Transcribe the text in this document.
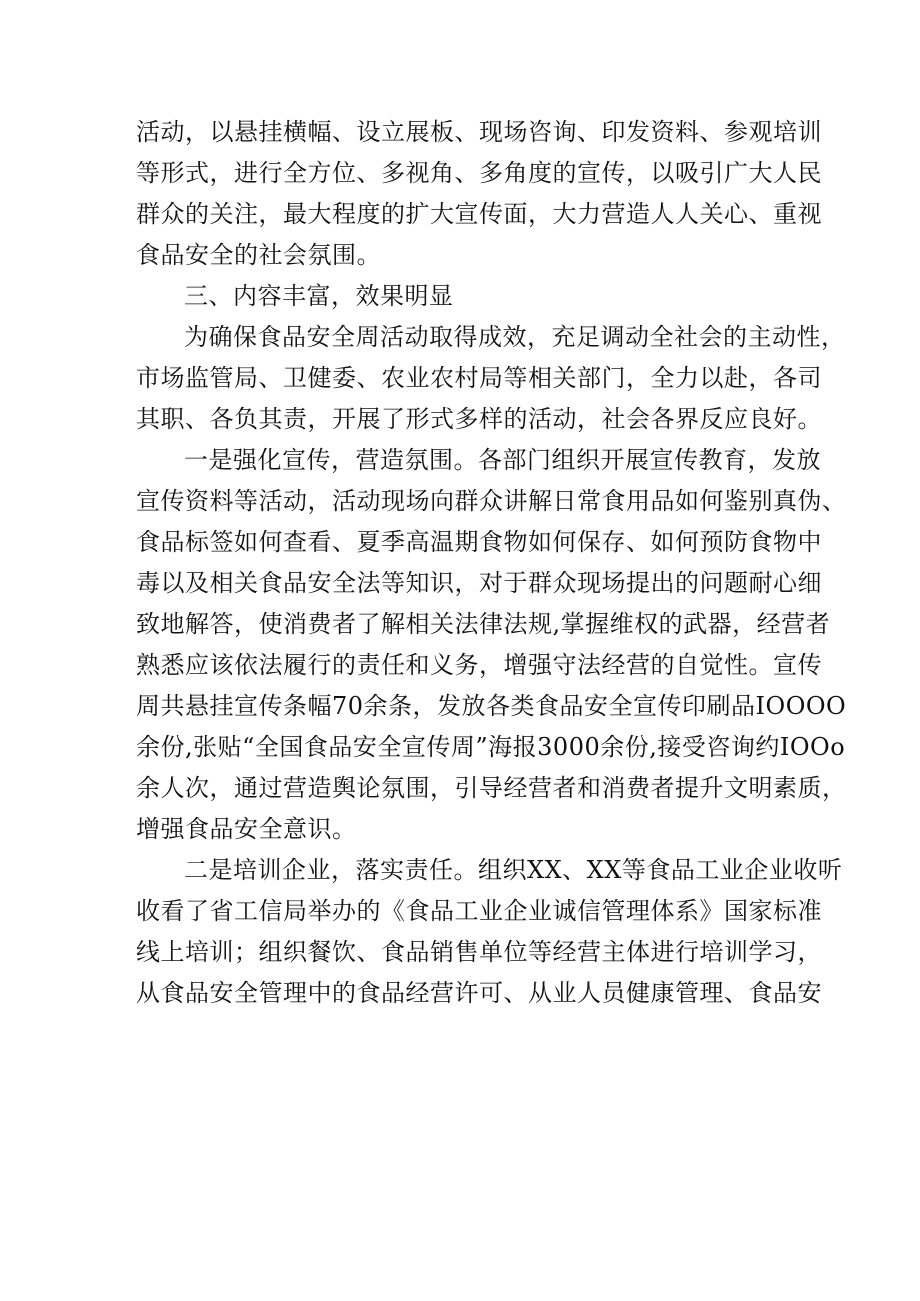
活动，以悬挂横幅、设立展板、现场咨询、印发资料、参观培训
等形式，进行全方位、多视角、多角度的宣传，以吸引广大人民
群众的关注，最大程度的扩大宣传面，大力营造人人关心、重视
食品安全的社会氛围。
三、内容丰富，效果明显
为确保食品安全周活动取得成效，充足调动全社会的主动性，
市场监管局、卫健委、农业农村局等相关部门，全力以赴，各司
其职、各负其责，开展了形式多样的活动，社会各界反应良好。
一是强化宣传，营造氛围。各部门组织开展宣传教育，发放
宣传资料等活动，活动现场向群众讲解日常食用品如何鉴别真伪、
食品标签如何查看、夏季高温期食物如何保存、如何预防食物中
毒以及相关食品安全法等知识，对于群众现场提出的问题耐心细
致地解答，使消费者了解相关法律法规,掌握维权的武器，经营者
熟悉应该依法履行的责任和义务，增强守法经营的自觉性。宣传
周共悬挂宣传条幅70余条，发放各类食品安全宣传印刷品IOOOO
余份,张贴“全国食品安全宣传周”海报3000余份,接受咨询约IOOo
余人次，通过营造舆论氛围，引导经营者和消费者提升文明素质，
增强食品安全意识。
二是培训企业，落实责任。组织XX、XX等食品工业企业收听
收看了省工信局举办的《食品工业企业诚信管理体系》国家标准
线上培训；组织餐饮、食品销售单位等经营主体进行培训学习，
从食品安全管理中的食品经营许可、从业人员健康管理、食品安
